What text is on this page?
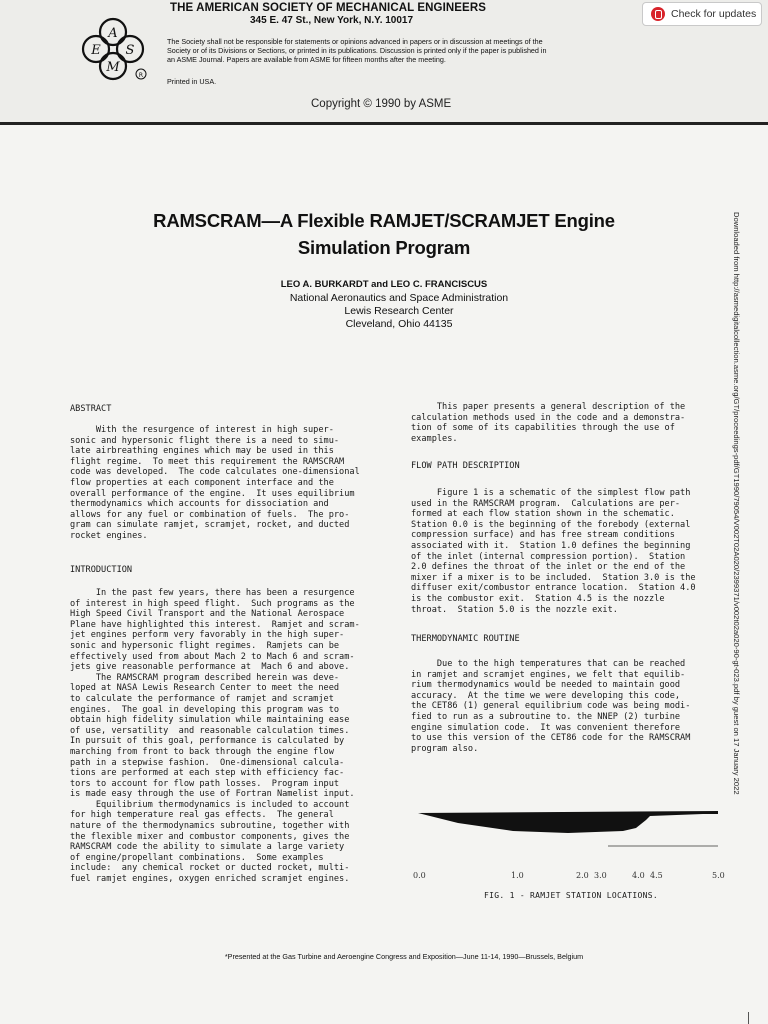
A
E S
M
R
THE AMERICAN SOCIETY OF MECHANICAL ENGINEERS
345 E. 47 St., New York, N.Y. 10017
The Society shall not be responsible for statements or opinions advanced in papers or in discussion at meetings of the Society or of its Divisions or Sections, or printed in its publications. Discussion is printed only if the paper is published in an ASME Journal. Papers are available from ASME for fifteen months after the meeting.
Printed in USA.
Copyright © 1990 by ASME
Check for updates
RAMSCRAM—A Flexible RAMJET/SCRAMJET Engine
Simulation Program
LEO A. BURKARDT and LEO C. FRANCISCUS
National Aeronautics and Space Administration
Lewis Research Center
Cleveland, Ohio 44135
ABSTRACT
With the resurgence of interest in high super-
sonic and hypersonic flight there is a need to simu-
late airbreathing engines which may be used in this
flight regime.  To meet this requirement the RAMSCRAM
code was developed.  The code calculates one-dimensional
flow properties at each component interface and the
overall performance of the engine.  It uses equilibrium
thermodynamics which accounts for dissociation and
allows for any fuel or combination of fuels.  The pro-
gram can simulate ramjet, scramjet, rocket, and ducted
rocket engines.
INTRODUCTION
In the past few years, there has been a resurgence
of interest in high speed flight.  Such programs as the
High Speed Civil Transport and the National Aerospace
Plane have highlighted this interest.  Ramjet and scram-
jet engines perform very favorably in the high super-
sonic and hypersonic flight regimes.  Ramjets can be
effectively used from about Mach 2 to Mach 6 and scram-
jets give reasonable performance at  Mach 6 and above.
The RAMSCRAM program described herein was deve-
loped at NASA Lewis Research Center to meet the need
to calculate the performance of ramjet and scramjet
engines.  The goal in developing this program was to
obtain high fidelity simulation while maintaining ease
of use, versatility  and reasonable calculation times.
In pursuit of this goal, performance is calculated by
marching from front to back through the engine flow
path in a stepwise fashion.  One-dimensional calcula-
tions are performed at each step with efficiency fac-
tors to account for flow path losses.  Program input
is made easy through the use of Fortran Namelist input.
Equilibrium thermodynamics is included to account
for high temperature real gas effects.  The general
nature of the thermodynamics subroutine, together with
the flexible mixer and combustor components, gives the
RAMSCRAM code the ability to simulate a large variety
of engine/propellant combinations.  Some examples
include:  any chemical rocket or ducted rocket, multi-
fuel ramjet engines, oxygen enriched scramjet engines.
This paper presents a general description of the
calculation methods used in the code and a demonstra-
tion of some of its capabilities through the use of
examples.
FLOW PATH DESCRIPTION
Figure 1 is a schematic of the simplest flow path
used in the RAMSCRAM program.  Calculations are per-
formed at each flow station shown in the schematic.
Station 0.0 is the beginning of the forebody (external
compression surface) and has free stream conditions
associated with it.  Station 1.0 defines the beginning
of the inlet (internal compression portion).  Station
2.0 defines the throat of the inlet or the end of the
mixer if a mixer is to be included.  Station 3.0 is the
diffuser exit/combustor entrance location.  Station 4.0
is the combustor exit.  Station 4.5 is the nozzle
throat.  Station 5.0 is the nozzle exit.
THERMODYNAMIC ROUTINE
Due to the high temperatures that can be reached
in ramjet and scramjet engines, we felt that equilib-
rium thermodynamics would be needed to maintain good
accuracy.  At the time we were developing this code,
the CET86 (1) general equilibrium code was being modi-
fied to run as a subroutine to. the NNEP (2) turbine
engine simulation code.  It was convenient therefore
to use this version of the CET86 code for the RAMSCRAM
program also.
0.0	1.0	2.0 3.0	4.0 4.5	5.0
FIG. 1 - RAMJET STATION LOCATIONS.
Downloaded from http://asmedigitalcollection.asme.org/GT/proceedings-pdf/GT1990/79054/V002T02A020/2399371/v002t02a020-90-gt-023.pdf by guest on 17 January 2022
*Presented at the Gas Turbine and Aeroengine Congress and Exposition—June 11-14, 1990—Brussels, Belgium
